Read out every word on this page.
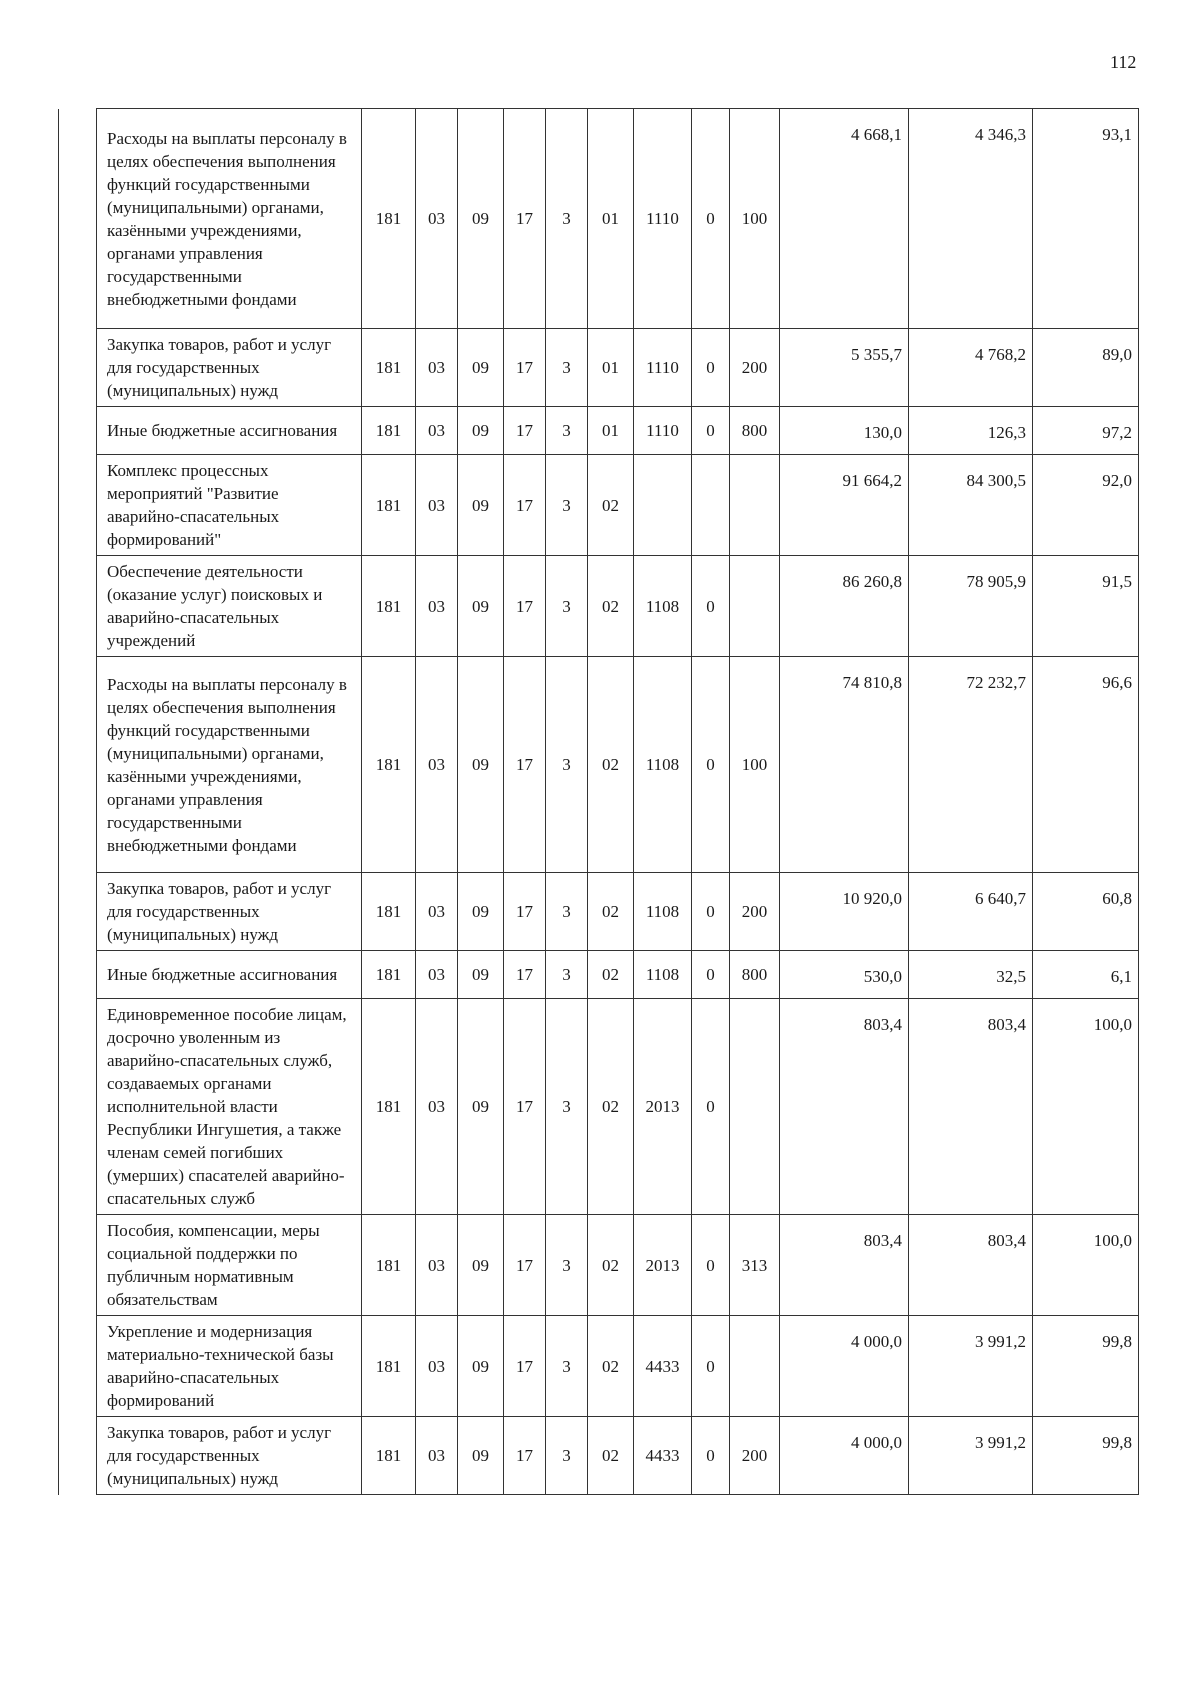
112
	Расходы на выплаты персоналу в целях обеспечения выполнения функций государственными (муниципальными) органами, казёнными учреждениями, органами управления государственными внебюджетными фондами	181	03	09	17	3	01	1110	0	100	4 668,1	4 346,3	93,1
	Закупка товаров, работ и услуг для государственных (муниципальных) нужд	181	03	09	17	3	01	1110	0	200	5 355,7	4 768,2	89,0
	Иные бюджетные ассигнования	181	03	09	17	3	01	1110	0	800	130,0	126,3	97,2
	Комплекс процессных мероприятий "Развитие аварийно-спасательных формирований"	181	03	09	17	3	02				91 664,2	84 300,5	92,0
	Обеспечение деятельности (оказание услуг) поисковых и аварийно-спасательных учреждений	181	03	09	17	3	02	1108	0		86 260,8	78 905,9	91,5
	Расходы на выплаты персоналу в целях обеспечения выполнения функций государственными (муниципальными) органами, казёнными учреждениями, органами управления государственными внебюджетными фондами	181	03	09	17	3	02	1108	0	100	74 810,8	72 232,7	96,6
	Закупка товаров, работ и услуг для государственных (муниципальных) нужд	181	03	09	17	3	02	1108	0	200	10 920,0	6 640,7	60,8
	Иные бюджетные ассигнования	181	03	09	17	3	02	1108	0	800	530,0	32,5	6,1
	Единовременное пособие лицам, досрочно уволенным из аварийно-спасательных служб, создаваемых органами исполнительной власти Республики Ингушетия, а также членам семей погибших (умерших) спасателей аварийно-спасательных служб	181	03	09	17	3	02	2013	0		803,4	803,4	100,0
	Пособия, компенсации, меры социальной поддержки по публичным нормативным обязательствам	181	03	09	17	3	02	2013	0	313	803,4	803,4	100,0
	Укрепление и модернизация материально-технической базы аварийно-спасательных формирований	181	03	09	17	3	02	4433	0		4 000,0	3 991,2	99,8
	Закупка товаров, работ и услуг для государственных (муниципальных) нужд	181	03	09	17	3	02	4433	0	200	4 000,0	3 991,2	99,8
